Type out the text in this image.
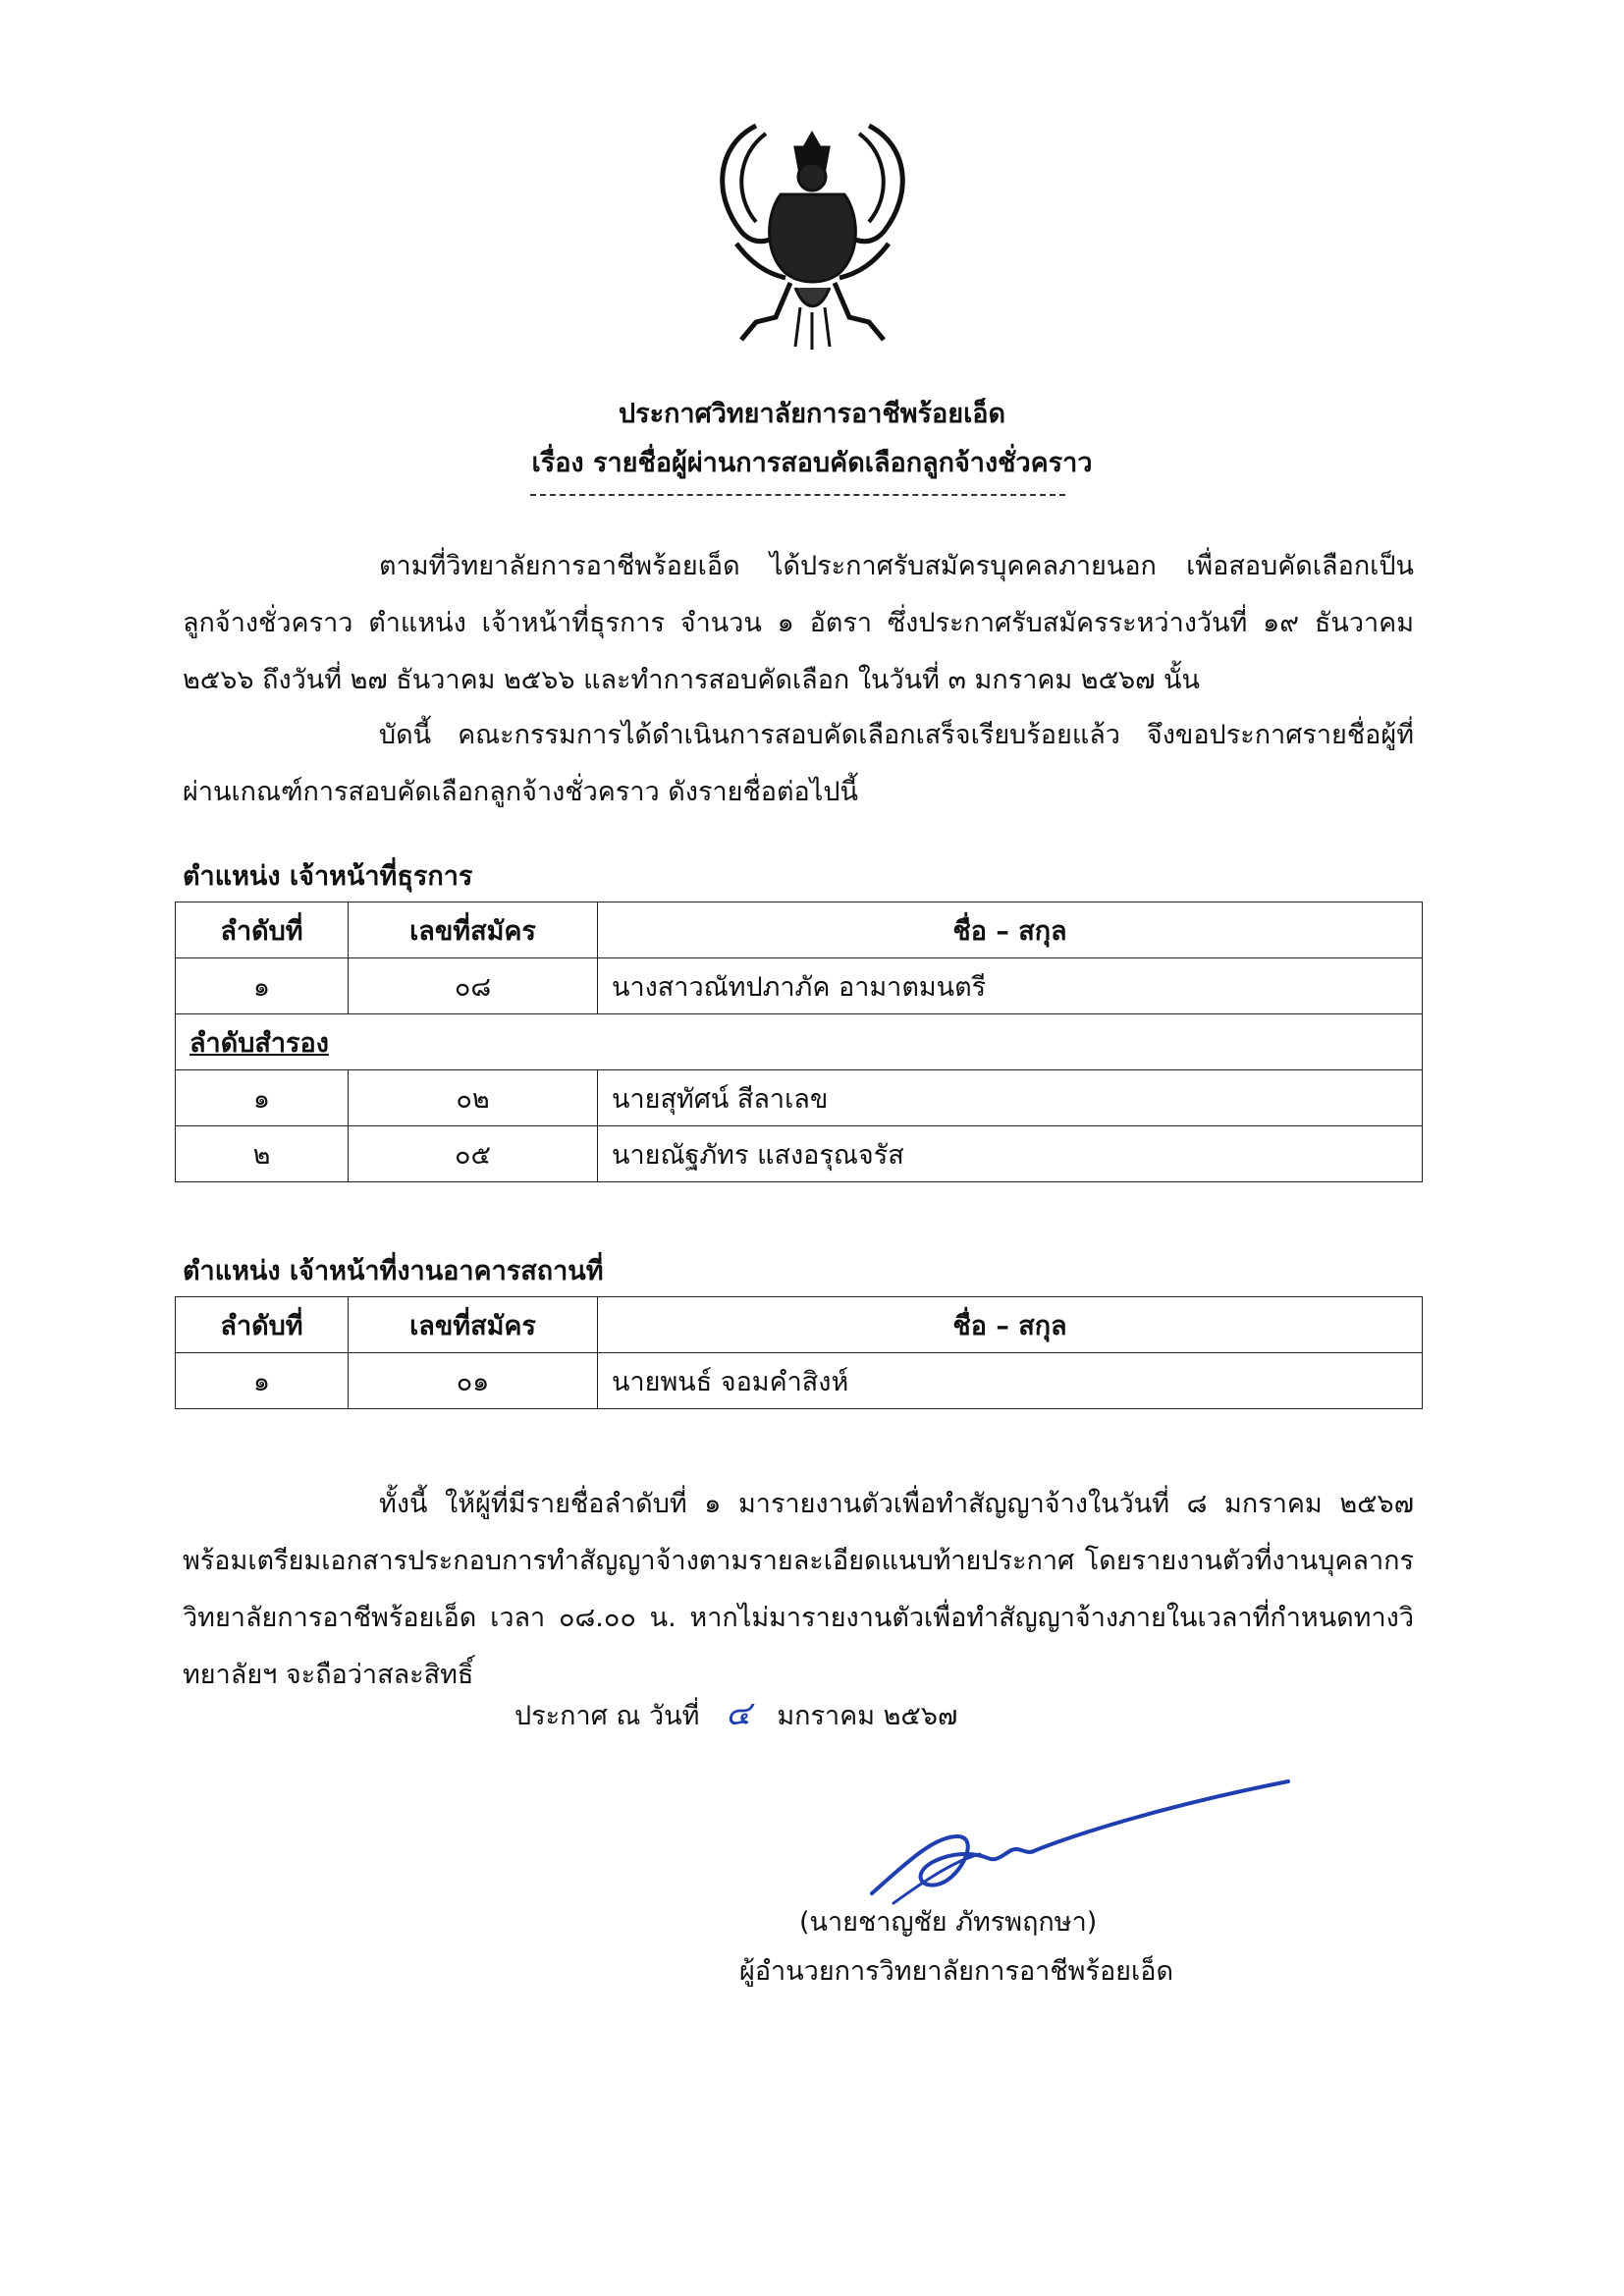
ประกาศวิทยาลัยการอาชีพร้อยเอ็ด
เรื่อง รายชื่อผู้ผ่านการสอบคัดเลือกลูกจ้างชั่วคราว

ตามที่วิทยาลัยการอาชีพร้อยเอ็ด ได้ประกาศรับสมัครบุคคลภายนอก เพื่อสอบคัดเลือกเป็นลูกจ้างชั่วคราว ตำแหน่ง เจ้าหน้าที่ธุรการ จำนวน ๑ อัตรา ซึ่งประกาศรับสมัครระหว่างวันที่ ๑๙ ธันวาคม ๒๕๖๖ ถึงวันที่ ๒๗ ธันวาคม ๒๕๖๖ และทำการสอบคัดเลือก ในวันที่ ๓ มกราคม ๒๕๖๗ นั้น

บัดนี้ คณะกรรมการได้ดำเนินการสอบคัดเลือกเสร็จเรียบร้อยแล้ว จึงขอประกาศรายชื่อผู้ที่ผ่านเกณฑ์การสอบคัดเลือกลูกจ้างชั่วคราว ดังรายชื่อต่อไปนี้

ตำแหน่ง เจ้าหน้าที่ธุรการ
ลำดับที่	เลขที่สมัคร	ชื่อ – สกุล
๑	๐๘	นางสาวณัทปภาภัค อามาตมนตรี
ลำดับสำรอง		
๑	๐๒	นายสุทัศน์ สีลาเลข
๒	๐๕	นายณัฐภัทร แสงอรุณจรัส
ตำแหน่ง เจ้าหน้าที่งานอาคารสถานที่
ลำดับที่	เลขที่สมัคร	ชื่อ – สกุล
๑	๐๑	นายพนธ์ จอมคำสิงห์

ทั้งนี้ ให้ผู้ที่มีรายชื่อลำดับที่ ๑ มารายงานตัวเพื่อทำสัญญาจ้างในวันที่ ๘ มกราคม ๒๕๖๗ พร้อมเตรียมเอกสารประกอบการทำสัญญาจ้างตามรายละเอียดแนบท้ายประกาศ โดยรายงานตัวที่งานบุคลากร วิทยาลัยการอาชีพร้อยเอ็ด เวลา ๐๘.๐๐ น. หากไม่มารายงานตัวเพื่อทำสัญญาจ้างภายในเวลาที่กำหนดทางวิทยาลัยฯ จะถือว่าสละสิทธิ์

ประกาศ ณ วันที่ ๔ มกราคม ๒๕๖๗
(นายชาญชัย ภัทรพฤกษา)
ผู้อำนวยการวิทยาลัยการอาชีพร้อยเอ็ด
